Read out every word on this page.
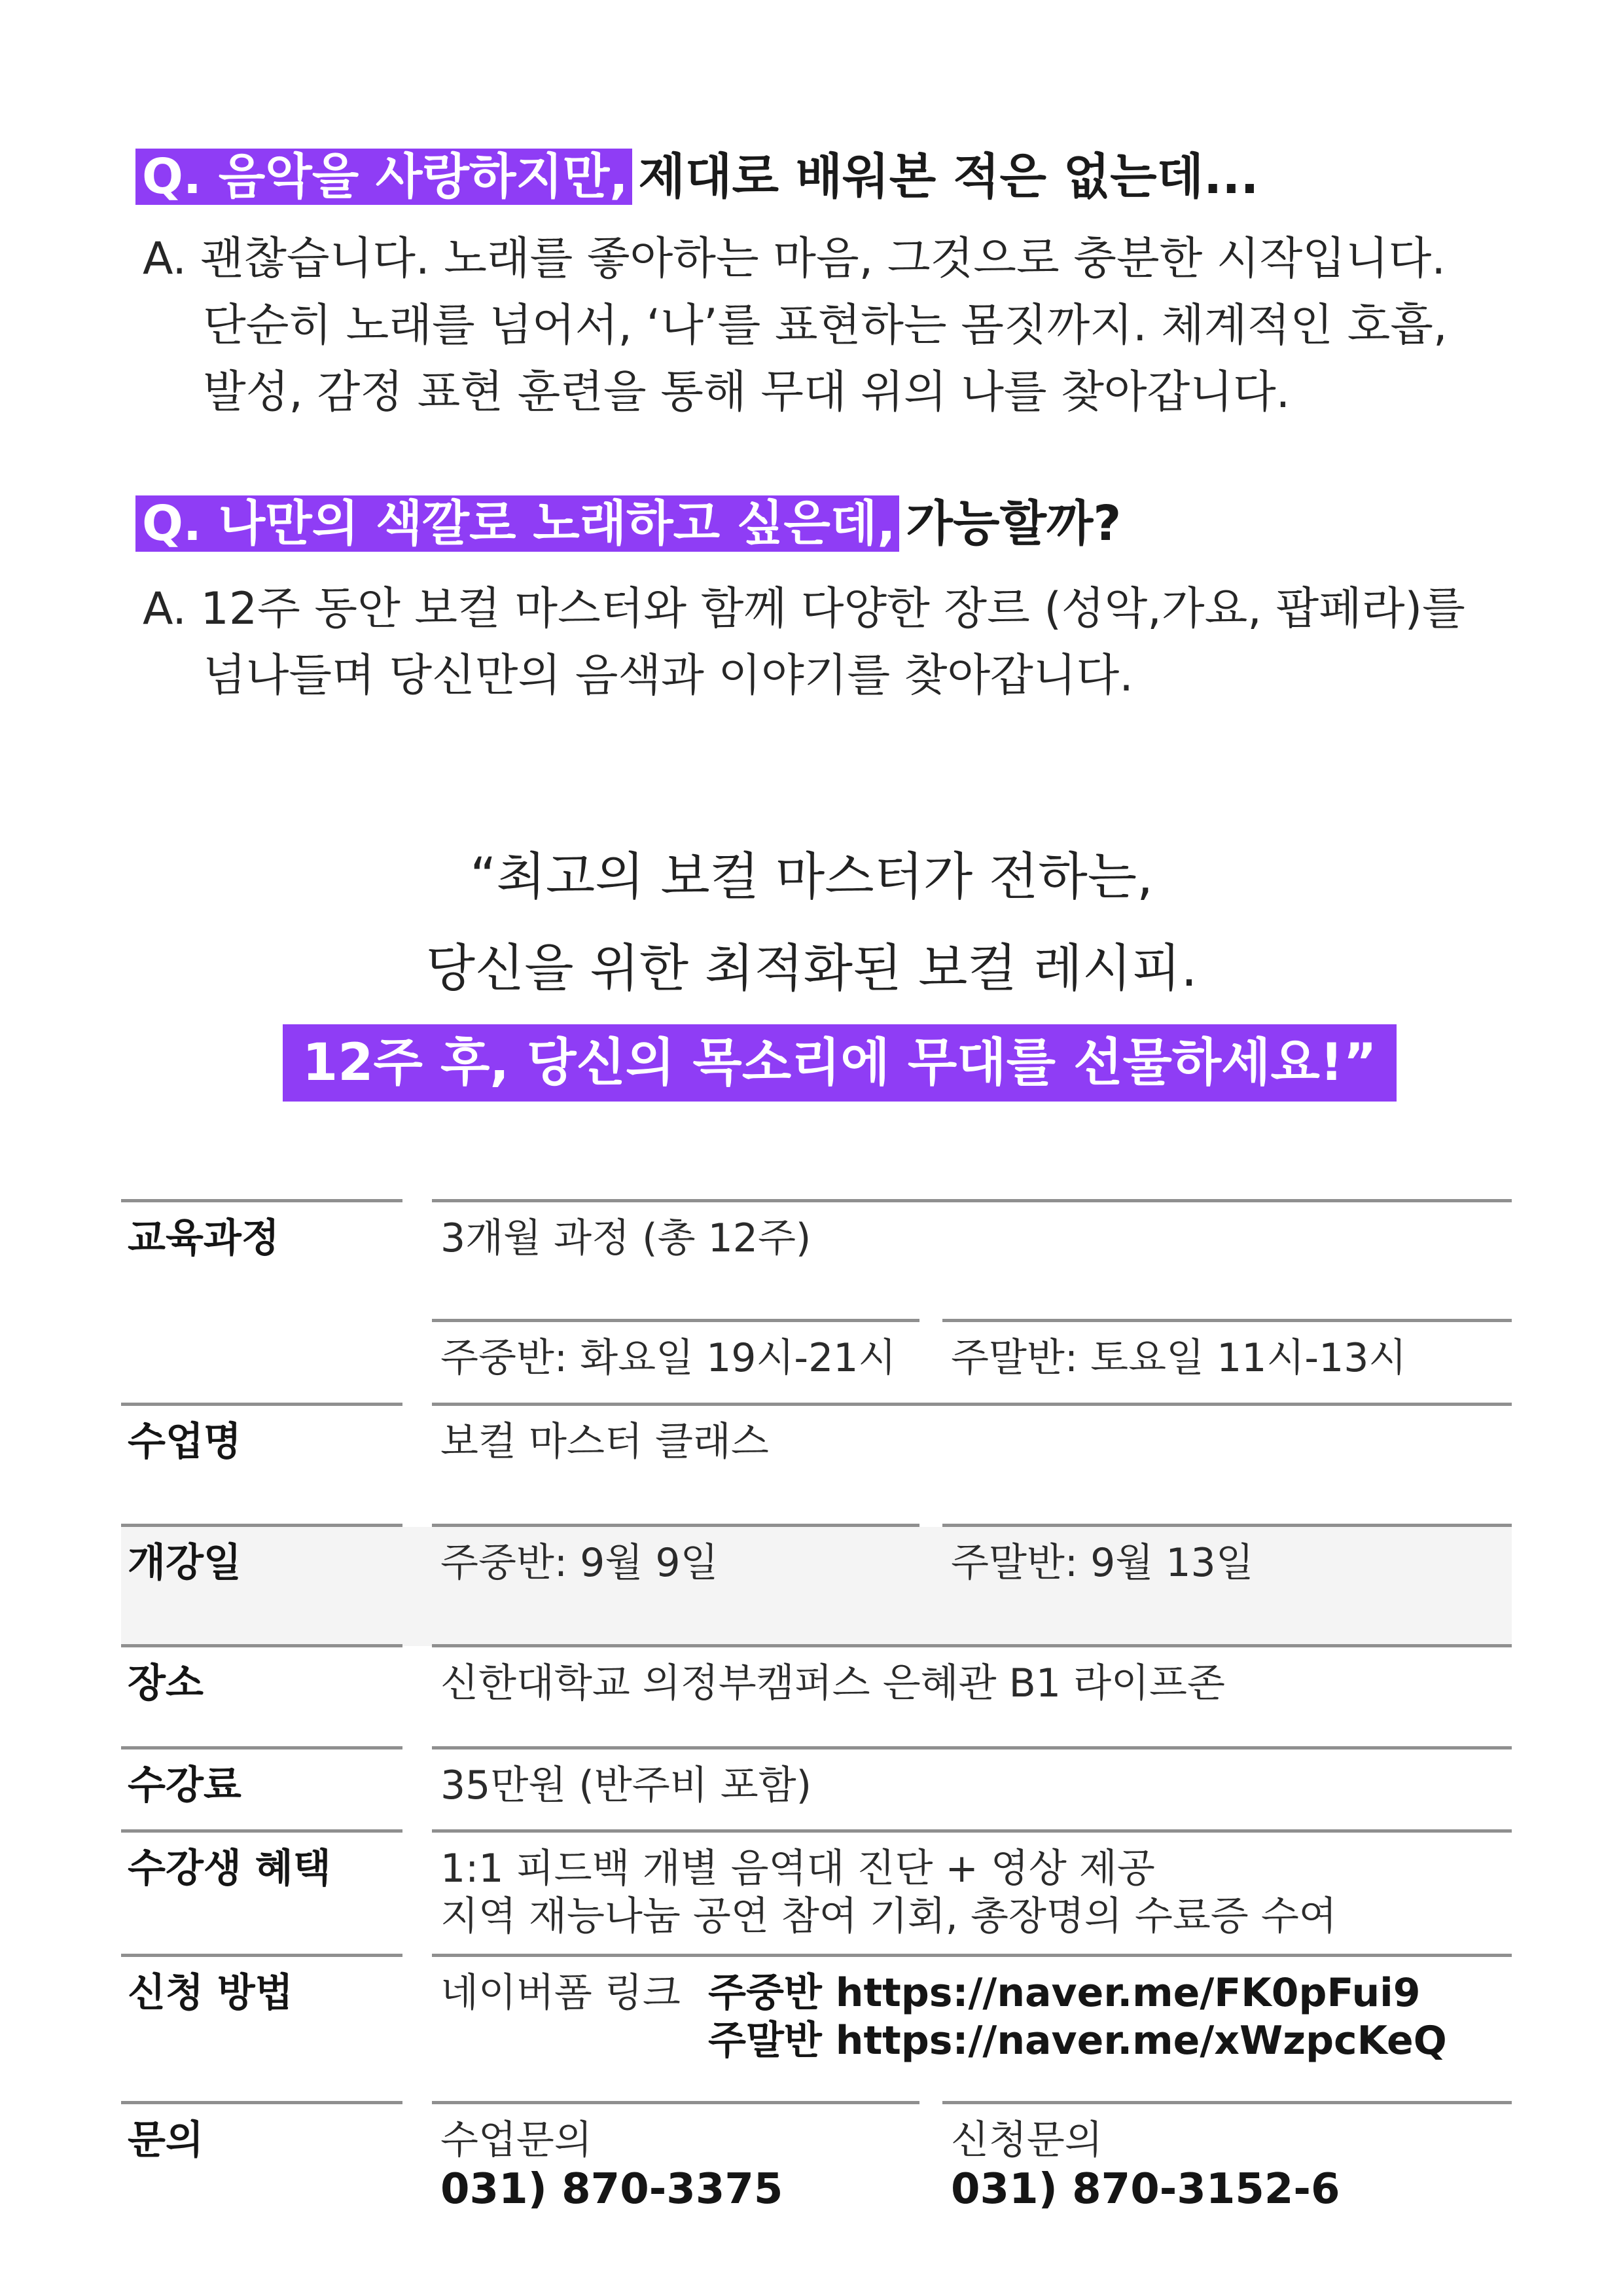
Q. 음악을 사랑하지만, 제대로 배워본 적은 없는데...
A. 괜찮습니다. 노래를 좋아하는 마음, 그것으로 충분한 시작입니다.
단순히 노래를 넘어서, ‘나’를 표현하는 몸짓까지. 체계적인 호흡,
발성, 감정 표현 훈련을 통해 무대 위의 나를 찾아갑니다.
Q. 나만의 색깔로 노래하고 싶은데, 가능할까?
A. 12주 동안 보컬 마스터와 함께 다양한 장르 (성악,가요, 팝페라)를
넘나들며 당신만의 음색과 이야기를 찾아갑니다.
“최고의 보컬 마스터가 전하는,
당신을 위한 최적화된 보컬 레시피.
12주 후, 당신의 목소리에 무대를 선물하세요!”
교육과정	3개월 과정 (총 12주)
주중반: 화요일 19시-21시 주말반: 토요일 11시-13시
수업명	보컬 마스터 클래스
개강일	주중반: 9월 9일	주말반: 9월 13일
장소	신한대학교 의정부캠퍼스 은혜관 B1 라이프존
수강료	35만원 (반주비 포함)
수강생 혜택	1:1 피드백 개별 음역대 진단 + 영상 제공
지역 재능나눔 공연 참여 기회, 총장명의 수료증 수여
신청 방법	네이버폼 링크 주중반 https://naver.me/FK0pFui9
주말반 https://naver.me/xWzpcKeQ
문의	수업문의
031) 870-3375
신청문의
031) 870-3152-6
